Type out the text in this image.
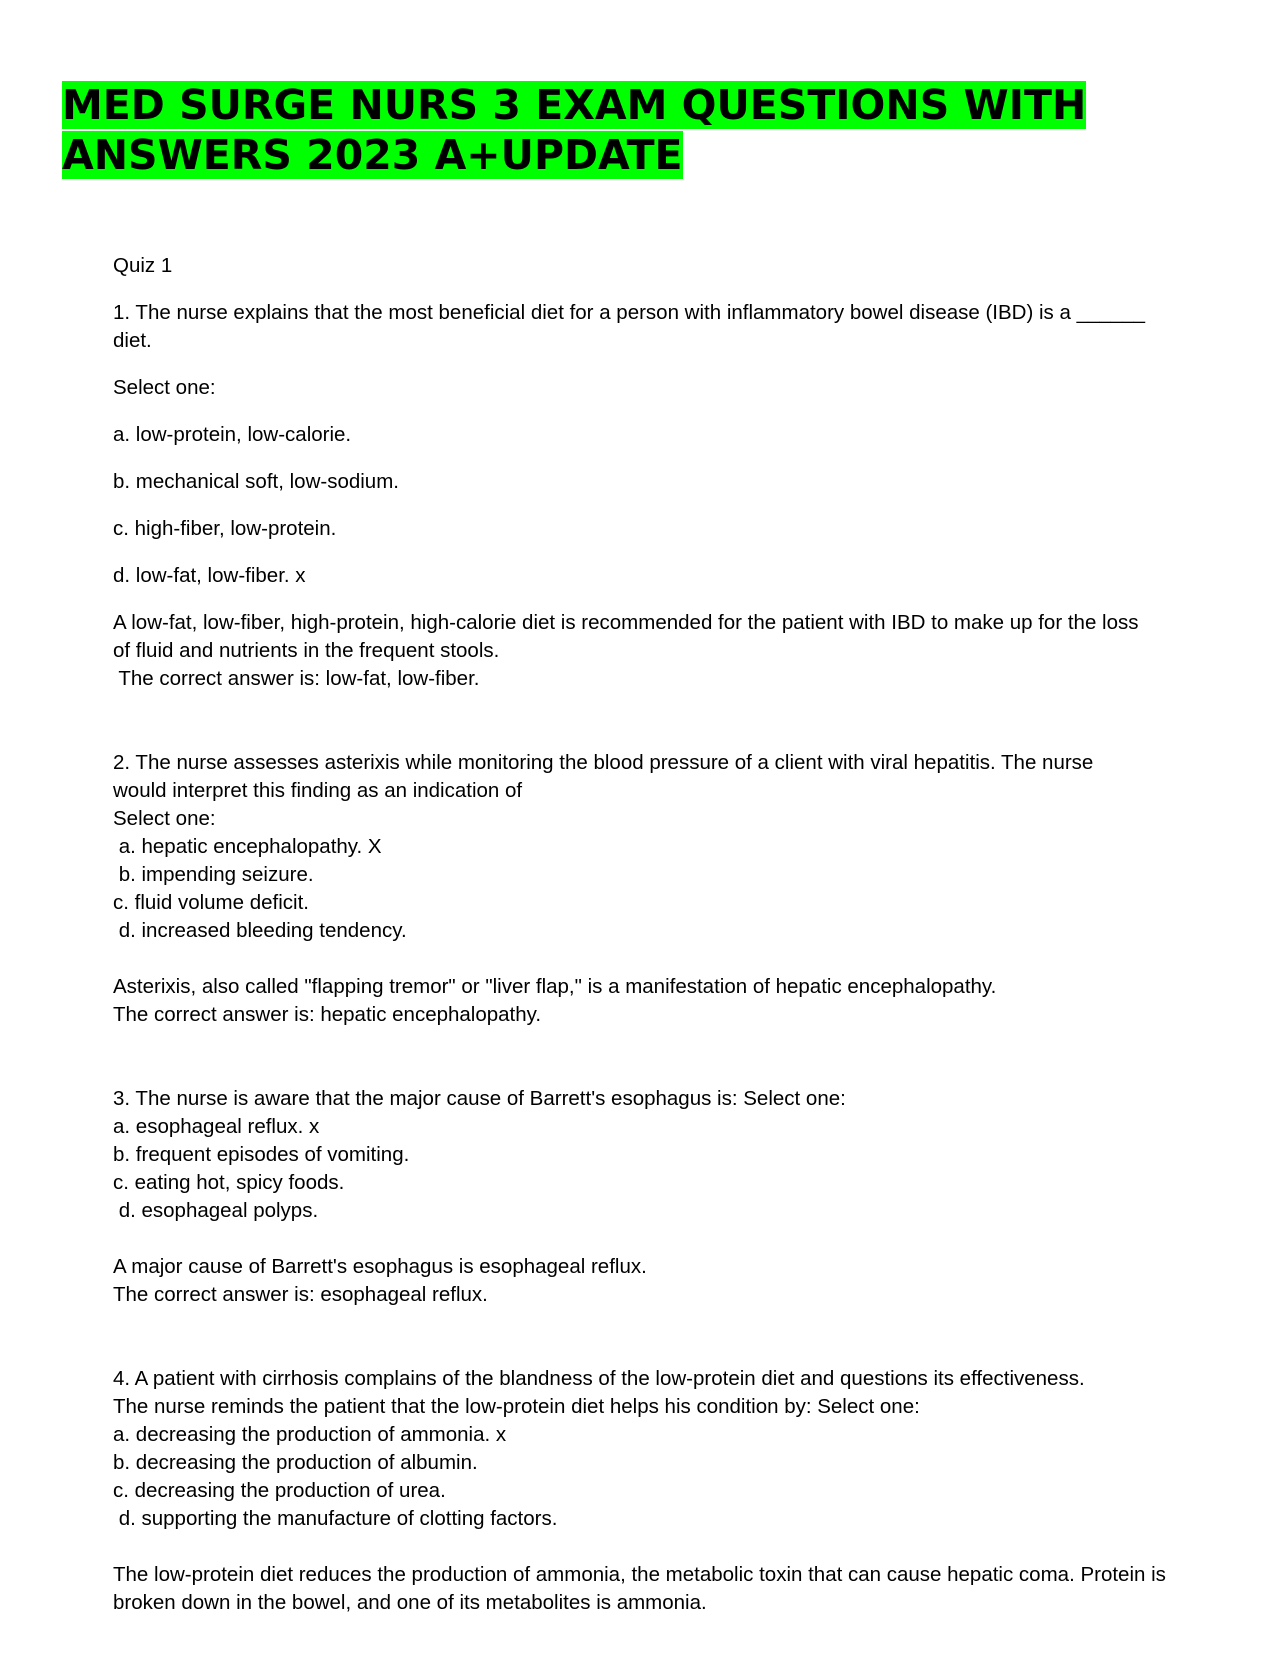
MED SURGE NURS 3 EXAM QUESTIONS WITH
ANSWERS 2023 A+UPDATE
Quiz 1
1. The nurse explains that the most beneficial diet for a person with inflammatory bowel disease (IBD) is a ______
diet.
Select one:
a. low-protein, low-calorie.
b. mechanical soft, low-sodium.
c. high-fiber, low-protein.
d. low-fat, low-fiber. x
A low-fat, low-fiber, high-protein, high-calorie diet is recommended for the patient with IBD to make up for the loss
of fluid and nutrients in the frequent stools.
The correct answer is: low-fat, low-fiber.
2. The nurse assesses asterixis while monitoring the blood pressure of a client with viral hepatitis. The nurse
would interpret this finding as an indication of
Select one:
a. hepatic encephalopathy. X
b. impending seizure.
c. fluid volume deficit.
d. increased bleeding tendency.
Asterixis, also called "flapping tremor" or "liver flap," is a manifestation of hepatic encephalopathy.
The correct answer is: hepatic encephalopathy.
3. The nurse is aware that the major cause of Barrett's esophagus is: Select one:
a. esophageal reflux. x
b. frequent episodes of vomiting.
c. eating hot, spicy foods.
d. esophageal polyps.
A major cause of Barrett's esophagus is esophageal reflux.
The correct answer is: esophageal reflux.
4. A patient with cirrhosis complains of the blandness of the low-protein diet and questions its effectiveness.
The nurse reminds the patient that the low-protein diet helps his condition by: Select one:
a. decreasing the production of ammonia. x
b. decreasing the production of albumin.
c. decreasing the production of urea.
d. supporting the manufacture of clotting factors.
The low-protein diet reduces the production of ammonia, the metabolic toxin that can cause hepatic coma. Protein is
broken down in the bowel, and one of its metabolites is ammonia.
